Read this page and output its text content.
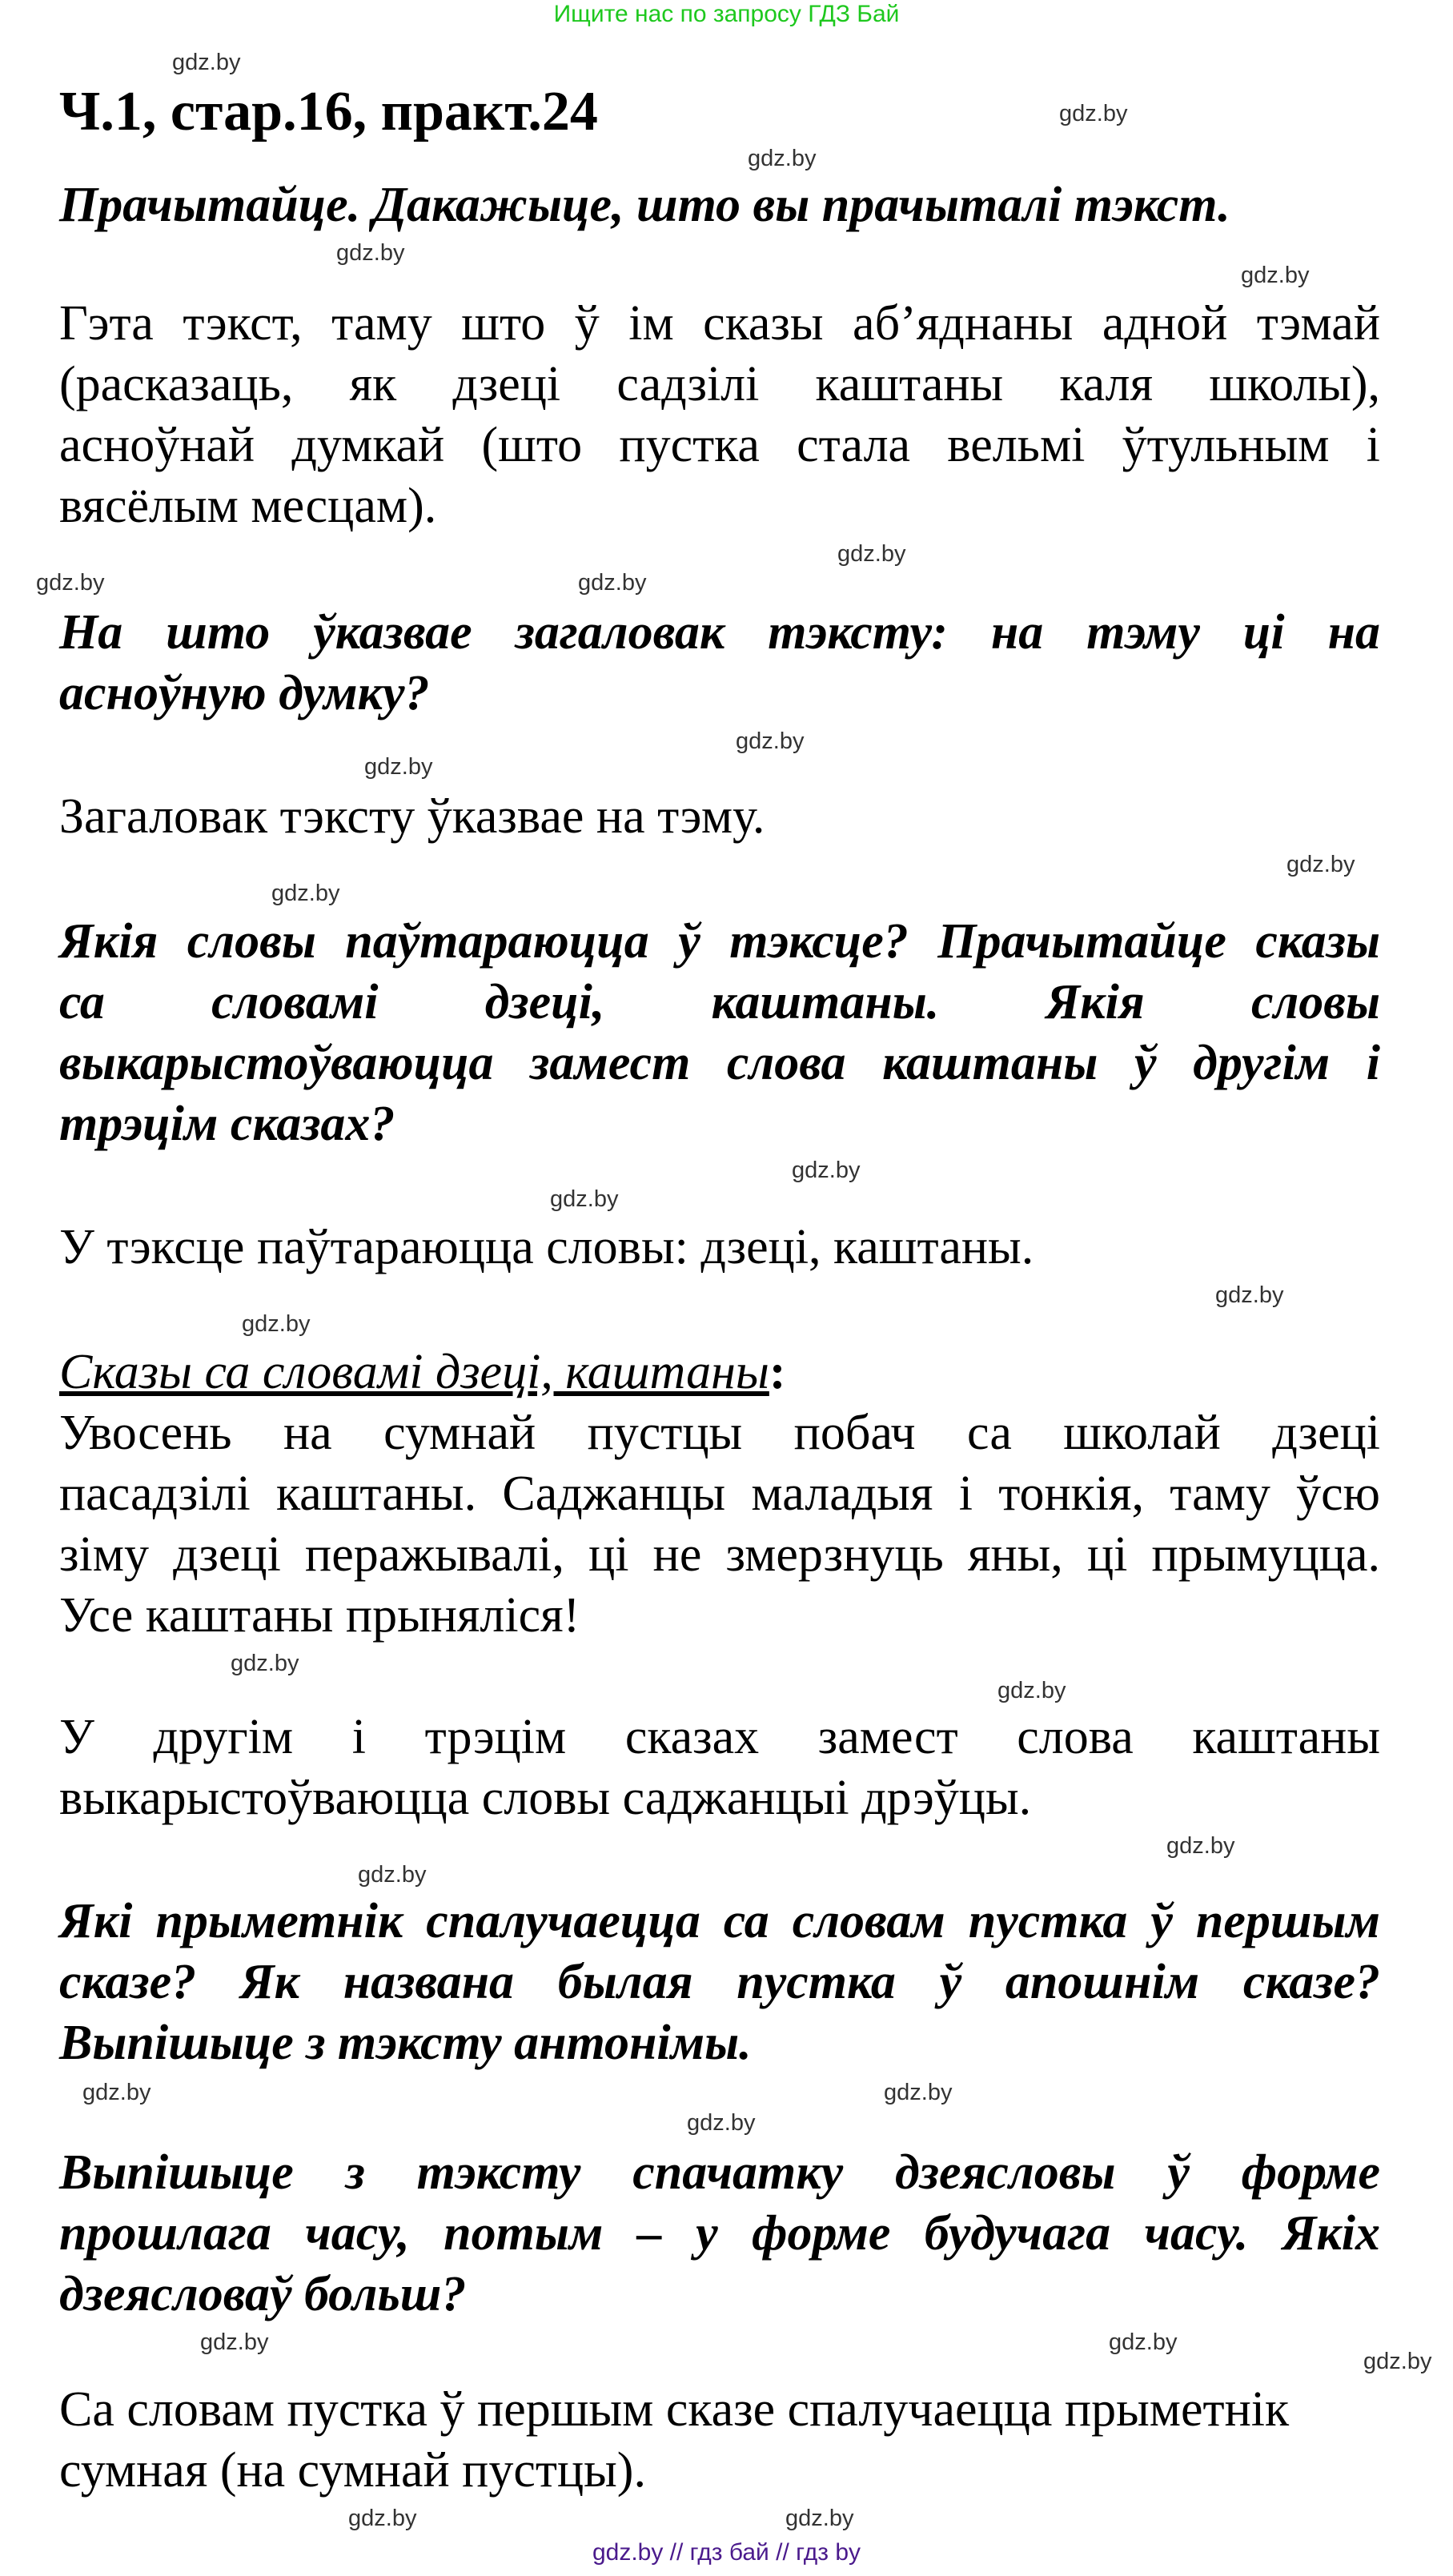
Ищите нас по запросу ГДЗ Бай
Ч.1, стар.16, практ.24
Прачытайце. Дакажыце, што вы прачыталі тэкст.
Гэта тэкст, таму што ў ім сказы аб’яднаны адной тэмай
(расказаць, як дзеці садзілі каштаны каля школы),
асноўнай думкай (што пустка стала вельмі ўтульным і
вясёлым месцам).
На што ўказвае загаловак тэксту: на тэму ці на
асноўную думку?
Загаловак тэксту ўказвае на тэму.
Якія словы паўтараюцца ў тэксце? Прачытайце сказы
са словамі дзеці, каштаны. Якія словы
выкарыстоўваюцца замест слова каштаны ў другім і
трэцім сказах?
У тэксце паўтараюцца словы: дзеці, каштаны.
Сказы са словамі дзеці, каштаны:
Увосень на сумнай пустцы побач са школай дзеці
пасадзілі каштаны. Саджанцы маладыя і тонкія, таму ўсю
зіму дзеці перажывалі, ці не змерзнуць яны, ці прымуцца.
Усе каштаны прыняліся!
У другім і трэцім сказах замест слова каштаны
выкарыстоўваюцца словы саджанцыі дрэўцы.
Які прыметнік спалучаецца са словам пустка ў першым
сказе? Як названа былая пустка ў апошнім сказе?
Выпішыце з тэксту антонімы.
Выпішыце з тэксту спачатку дзеясловы ў форме
прошлага часу, потым – у форме будучага часу. Якіх
дзеясловаў больш?
Са словам пустка ў першым сказе спалучаецца прыметнік
сумная (на сумнай пустцы).
gdz.by
gdz.by
gdz.by
gdz.by
gdz.by
gdz.by
gdz.by
gdz.by
gdz.by
gdz.by
gdz.by
gdz.by
gdz.by
gdz.by
gdz.by
gdz.by
gdz.by
gdz.by
gdz.by
gdz.by
gdz.by
gdz.by
gdz.by
gdz.by
gdz.by
gdz.by
gdz.by
gdz.by
gdz.by // гдз бай // гдз by
